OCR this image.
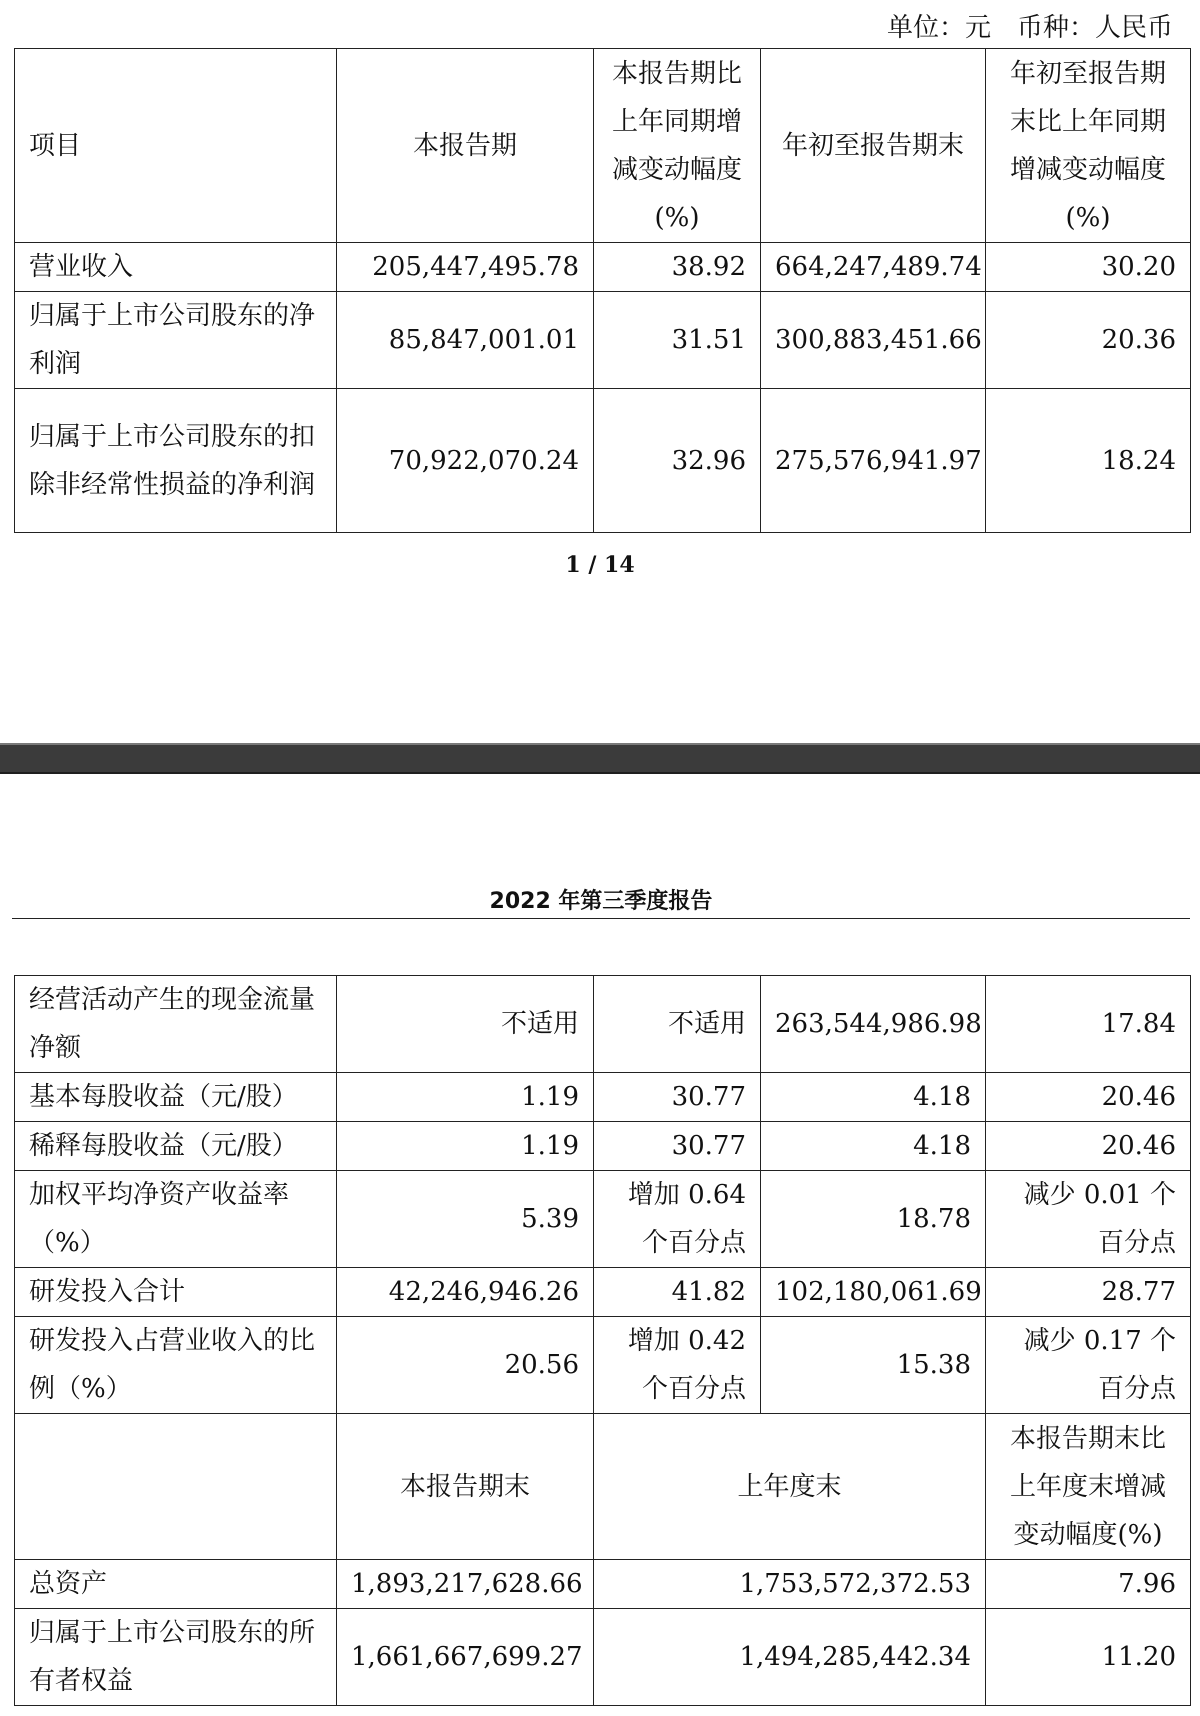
单位：元 币种：人民币
项目	本报告期	本报告期比上年同期增减变动幅度(%)	年初至报告期末	年初至报告期末比上年同期增减变动幅度(%)
营业收入	205,447,495.78	38.92	664,247,489.74	30.20
归属于上市公司股东的净利润	85,847,001.01	31.51	300,883,451.66	20.36
归属于上市公司股东的扣除非经常性损益的净利润	70,922,070.24	32.96	275,576,941.97	18.24
1 / 14
2022 年第三季度报告
经营活动产生的现金流量净额	不适用	不适用	263,544,986.98	17.84
基本每股收益（元/股）	1.19	30.77	4.18	20.46
稀释每股收益（元/股）	1.19	30.77	4.18	20.46
加权平均净资产收益率（%）	5.39	增加 0.64 个百分点	18.78	减少 0.01 个百分点
研发投入合计	42,246,946.26	41.82	102,180,061.69	28.77
研发投入占营业收入的比例（%）	20.56	增加 0.42 个百分点	15.38	减少 0.17 个百分点
	本报告期末	上年度末		本报告期末比上年度末增减变动幅度(%)
总资产	1,893,217,628.66	1,753,572,372.53		7.96
归属于上市公司股东的所有者权益	1,661,667,699.27	1,494,285,442.34		11.20
